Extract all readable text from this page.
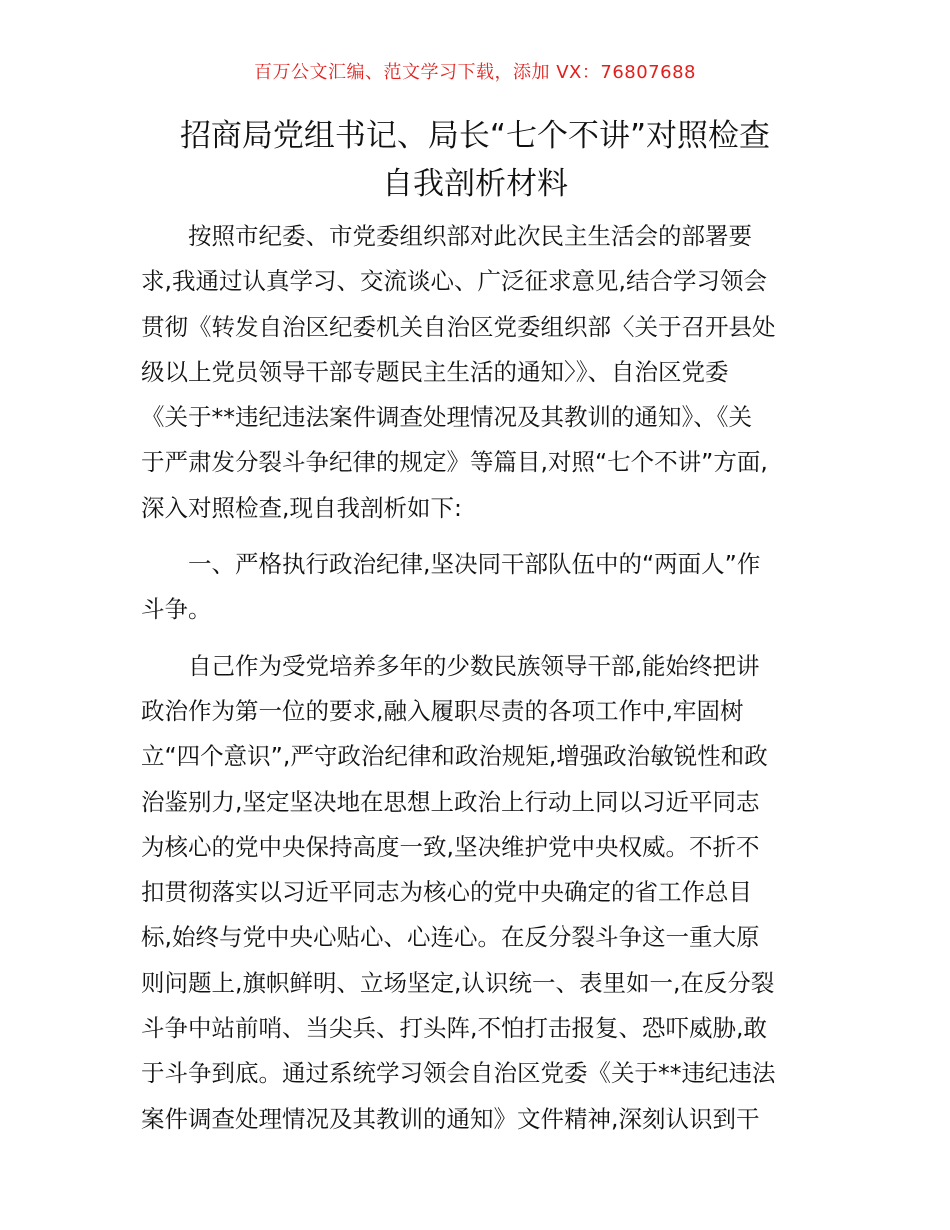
百万公文汇编、范文学习下载，添加 VX：76807688
招商局党组书记、局长“七个不讲”对照检查
自我剖析材料
　　按照市纪委、市党委组织部对此次民主生活会的部署要
求,我通过认真学习、交流谈心、广泛征求意见,结合学习领会
贯彻《转发自治区纪委机关自治区党委组织部〈关于召开县处
级以上党员领导干部专题民主生活的通知〉》、自治区党委
《关于**违纪违法案件调查处理情况及其教训的通知》、《关
于严肃发分裂斗争纪律的规定》等篇目,对照“七个不讲”方面,
深入对照检查,现自我剖析如下:
　　一、严格执行政治纪律,坚决同干部队伍中的“两面人”作
斗争。
　　自己作为受党培养多年的少数民族领导干部,能始终把讲
政治作为第一位的要求,融入履职尽责的各项工作中,牢固树
立“四个意识”,严守政治纪律和政治规矩,增强政治敏锐性和政
治鉴别力,坚定坚决地在思想上政治上行动上同以习近平同志
为核心的党中央保持高度一致,坚决维护党中央权威。不折不
扣贯彻落实以习近平同志为核心的党中央确定的省工作总目
标,始终与党中央心贴心、心连心。在反分裂斗争这一重大原
则问题上,旗帜鲜明、立场坚定,认识统一、表里如一,在反分裂
斗争中站前哨、当尖兵、打头阵,不怕打击报复、恐吓威胁,敢
于斗争到底。通过系统学习领会自治区党委《关于**违纪违法
案件调查处理情况及其教训的通知》文件精神,深刻认识到干
